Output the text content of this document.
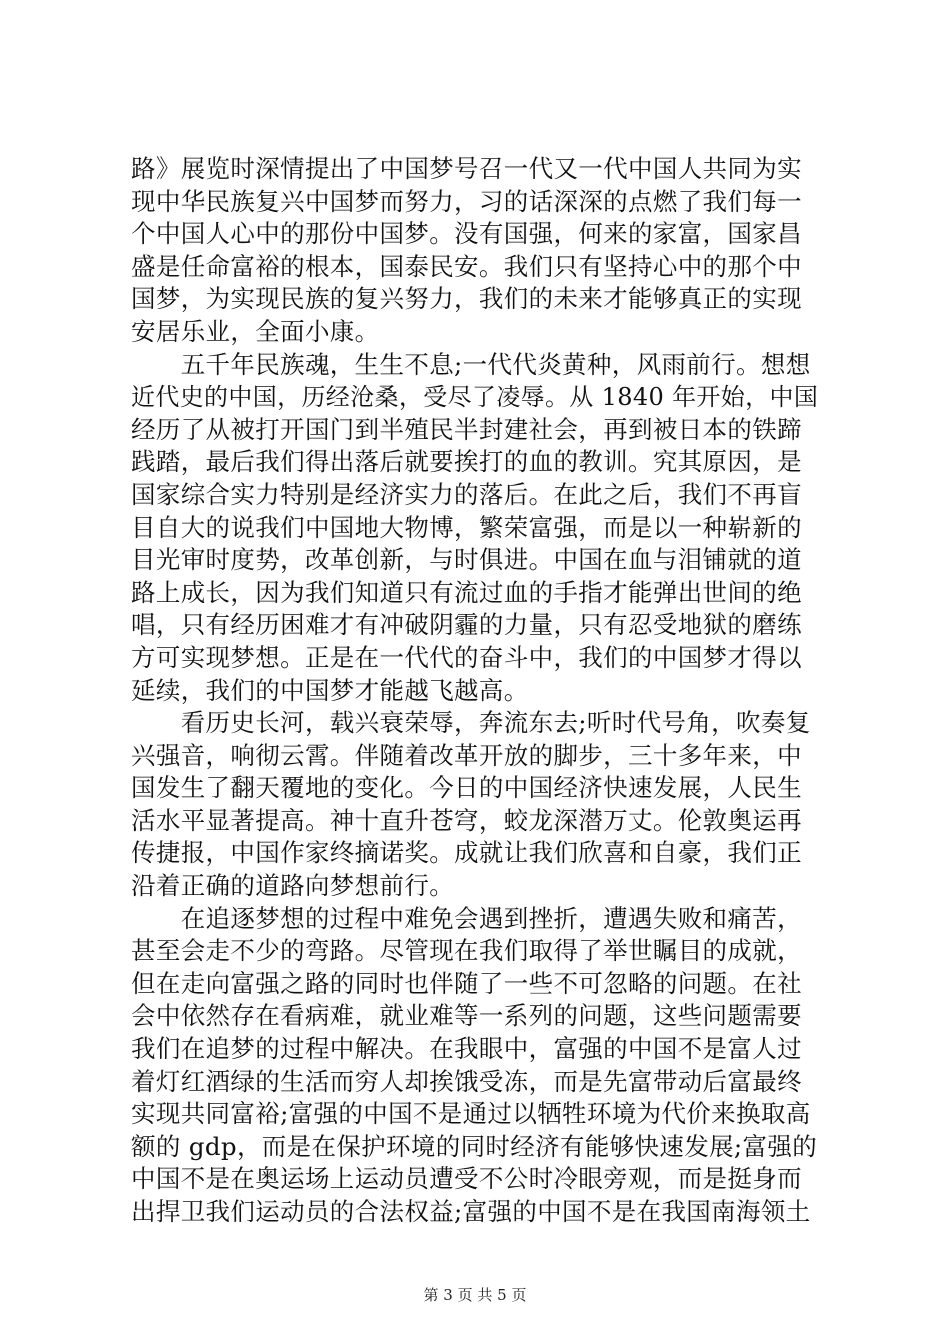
路》展览时深情提出了中国梦号召一代又一代中国人共同为实
现中华民族复兴中国梦而努力，习的话深深的点燃了我们每一
个中国人心中的那份中国梦。没有国强，何来的家富，国家昌
盛是任命富裕的根本，国泰民安。我们只有坚持心中的那个中
国梦，为实现民族的复兴努力，我们的未来才能够真正的实现
安居乐业，全面小康。
　　五千年民族魂，生生不息;一代代炎黄种，风雨前行。想想
近代史的中国，历经沧桑，受尽了凌辱。从 1840 年开始，中国
经历了从被打开国门到半殖民半封建社会，再到被日本的铁蹄
践踏，最后我们得出落后就要挨打的血的教训。究其原因，是
国家综合实力特别是经济实力的落后。在此之后，我们不再盲
目自大的说我们中国地大物博，繁荣富强，而是以一种崭新的
目光审时度势，改革创新，与时俱进。中国在血与泪铺就的道
路上成长，因为我们知道只有流过血的手指才能弹出世间的绝
唱，只有经历困难才有冲破阴霾的力量，只有忍受地狱的磨练
方可实现梦想。正是在一代代的奋斗中，我们的中国梦才得以
延续，我们的中国梦才能越飞越高。
　　看历史长河，载兴衰荣辱，奔流东去;听时代号角，吹奏复
兴强音，响彻云霄。伴随着改革开放的脚步，三十多年来，中
国发生了翻天覆地的变化。今日的中国经济快速发展，人民生
活水平显著提高。神十直升苍穹，蛟龙深潜万丈。伦敦奥运再
传捷报，中国作家终摘诺奖。成就让我们欣喜和自豪，我们正
沿着正确的道路向梦想前行。
　　在追逐梦想的过程中难免会遇到挫折，遭遇失败和痛苦，
甚至会走不少的弯路。尽管现在我们取得了举世瞩目的成就，
但在走向富强之路的同时也伴随了一些不可忽略的问题。在社
会中依然存在看病难，就业难等一系列的问题，这些问题需要
我们在追梦的过程中解决。在我眼中，富强的中国不是富人过
着灯红酒绿的生活而穷人却挨饿受冻，而是先富带动后富最终
实现共同富裕;富强的中国不是通过以牺牲环境为代价来换取高
额的 gdp，而是在保护环境的同时经济有能够快速发展;富强的
中国不是在奥运场上运动员遭受不公时冷眼旁观，而是挺身而
出捍卫我们运动员的合法权益;富强的中国不是在我国南海领土
第 3 页 共 5 页
